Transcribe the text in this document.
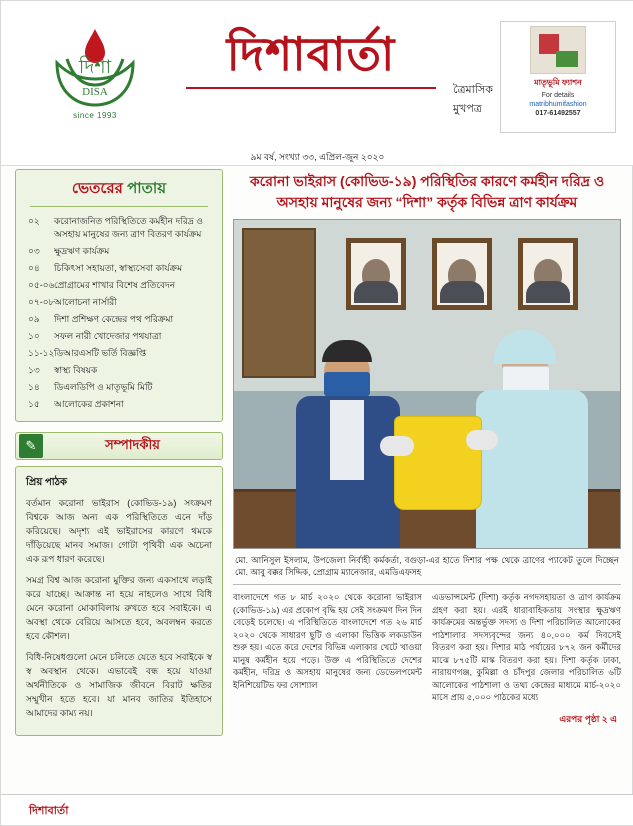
দিশা
DISA
since 1993
দিশাবার্তা
ত্রৈমাসিক
মুখপত্র
মাতৃভূমি ফ্যাশন
For details
matribhumifashion
017-61492557
৯ম বর্ষ, সংখ্যা ৩৩, এপ্রিল-জুন ২০২০
ভেতরের পাতায়
০২	করোনাজনিত পরিস্থিতিতে কর্মহীন দরিদ্র ও অসহায় মানুষের জন্য ত্রাণ বিতরণ কার্যক্রম
০৩	ক্ষুদ্রঋণ কার্যক্রম
০৪	চিকিৎসা সহায়তা, স্বাস্থ্যসেবা কার্যক্রম
০৫-০৬ প্রোগ্রামের শাখার বিশেষ প্রতিবেদন
০৭-০৮ আলোচনা নার্সারী
০৯	দিশা প্রশিক্ষণ কেন্দ্রের পথ পরিক্রমা
১০	সফল নারী খোদেজার পথযাত্রা
১১-১২ ডিআরএসটি ভর্তি বিজ্ঞপ্তি
১৩	স্বাস্থ্য বিষয়ক
১৪	ডিএলডিপি ও মাতৃভূমি মিটি
১৫	আলোকের প্রকাশনা
✎	সম্পাদকীয়
প্রিয় পাঠক

বর্তমান করোনা ভাইরাস (কোভিড-১৯) সংক্রমণ বিশ্বকে আজ অন্য এক পরিস্থিতিতে এনে দাঁড় করিয়েছে। অদৃশ্য এই ভাইরাসের কারণে থমকে দাঁড়িয়েছে মানব সমাজ। গোটা পৃথিবী এক অচেনা এক রূপ ধারণ করেছে।

সমগ্র বিশ্ব আজ করোনা মুক্তির জন্য একসাথে লড়াই করে যাচ্ছে। আক্রান্ত না হয়ে নাহলেও সাথে বিধি মেনে করোনা মোকাবিলায় রুখতে হবে সবাইকে। এ অবস্থা থেকে বেরিয়ে আসতে হবে, অবলম্বন করতে হবে কৌশল।

বিধি-নিষেধগুলো মেনে চলিতে যেতে হবে সবাইকে স্ব স্ব অবস্থান থেকে। এভাবেই বন্ধ হয়ে যাওয়া অর্থনীতিকে ও সামাজিক জীবনে বিরাট ক্ষতির সম্মুখীন হতে হবে। যা মানব জাতির ইতিহাসে আমাদের কাম্য নয়।

করোনা ভাইরাস (কোভিড-১৯) পরিস্থিতির কারণে কর্মহীন দরিদ্র ও অসহায় মানুষের জন্য “দিশা” কর্তৃক বিভিন্ন ত্রাণ কার্যক্রম
মো. আনিসুল ইসলাম, উপজেলা নির্বাহী কর্মকর্তা, বগুড়া-এর হাতে দিশার পক্ষ থেকে ত্রাণের প্যাকেট তুলে দিচ্ছেন মো. আবু বক্কর সিদ্দিক, প্রোগ্রাম ম্যানেজার, এমডিএফসহ

বাংলাদেশে গত ৮ মার্চ ২০২০ থেকে করোনা ভাইরাস (কোভিড-১৯) এর প্রকোপ বৃদ্ধি হয় সেই সংক্রমণ দিন দিন বেড়েই চলেছে। এ পরিস্থিতিতে বাংলাদেশে গত ২৬ মার্চ ২০২০ থেকে সাধারণ ছুটি ও এলাকা ভিত্তিক লকডাউন শুরু হয়। এতে করে দেশের বিভিন্ন এলাকার খেটে খাওয়া মানুষ কর্মহীন হয়ে পড়ে। উক্ত এ পরিস্থিতিতে দেশের কর্মহীন, দরিদ্র ও অসহায় মানুষের জন্য ডেভেলপমেন্ট ইনিশিয়েটিভ ফর সোশ্যাল

এডভান্সমেন্ট (দিশা) কর্তৃক নগদসহায়তা ও ত্রাণ কার্যক্রম গ্রহণ করা হয়। এরই ধারাবাহিকতায় সংস্থার ক্ষুদ্রঋণ কার্যক্রমের অন্তর্ভুক্ত সদস্য ও দিশা পরিচালিত আলোকের পাঠশালার সদস্যবৃন্দের জন্য ৪০,০০০ কর্ম দিবসেই বিতরণ করা হয়। দিশার মাঠ পর্যায়ের ৮৭২ জন কর্মীদের মাঝে ৮৭৫টি মাস্ক বিতরণ করা হয়। দিশা কর্তৃক ঢাকা, নারায়ণগঞ্জ, কুমিল্লা ও চাঁদপুর জেলার পরিচালিত ৬টি আলোকের পাঠশালা ও তথ্য কেন্দ্রের মাধ্যমে মার্চ-২০২০ মাসে প্রায় ৫,০০০ পাঠকের মধ্যে

এরপর পৃষ্ঠা ২ এ
দিশাবার্তা
